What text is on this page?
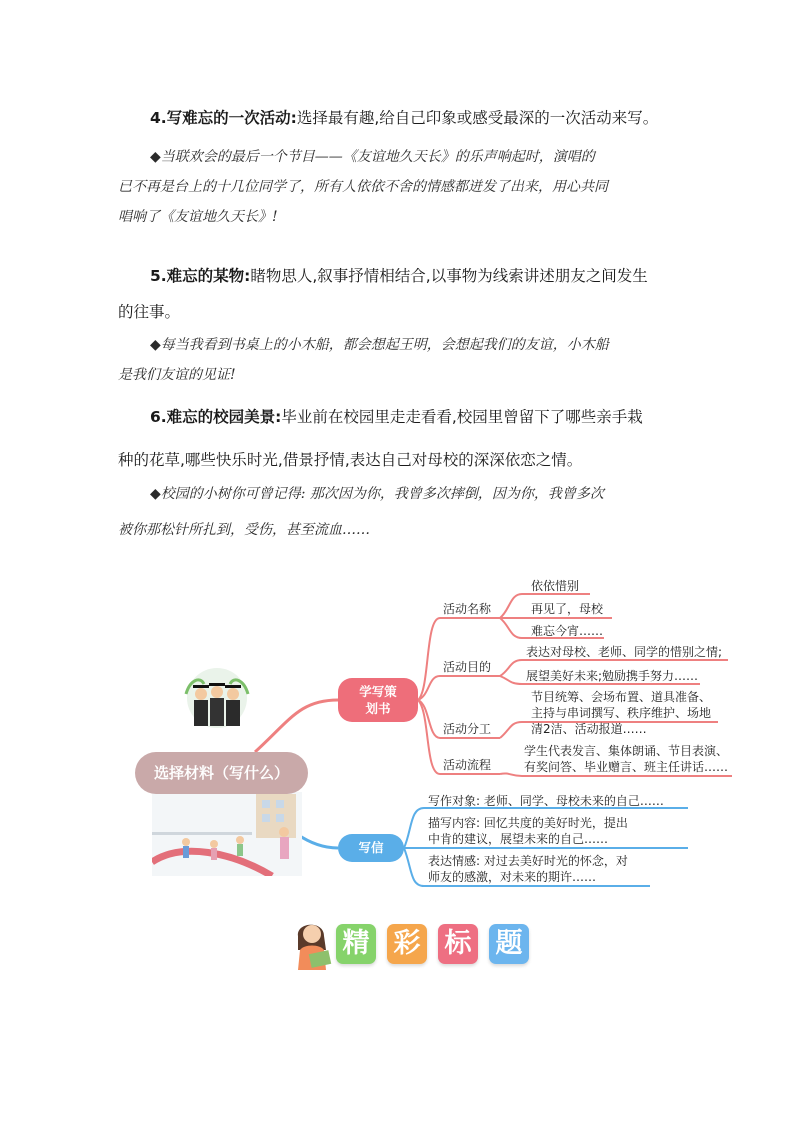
4.写难忘的一次活动:选择最有趣,给自己印象或感受最深的一次活动来写。
◆当联欢会的最后一个节目——《友谊地久天长》的乐声响起时，演唱的
已不再是台上的十几位同学了，所有人依依不舍的情感都迸发了出来，用心共同
唱响了《友谊地久天长》!
5.难忘的某物:睹物思人,叙事抒情相结合,以事物为线索讲述朋友之间发生
的往事。
◆每当我看到书桌上的小木船，都会想起王明，会想起我们的友谊，小木船
是我们友谊的见证!
6.难忘的校园美景:毕业前在校园里走走看看,校园里曾留下了哪些亲手栽
种的花草,哪些快乐时光,借景抒情,表达自己对母校的深深依恋之情。
◆校园的小树你可曾记得: 那次因为你，我曾多次摔倒，因为你，我曾多次
被你那松针所扎到，受伤，甚至流血……
选择材料（写什么）
学写策
划书
写信
活动名称
活动目的
活动分工
活动流程
依依惜别
再见了，母校
难忘今宵……
表达对母校、老师、同学的惜别之情;
展望美好未来;勉励携手努力……
节目统筹、会场布置、道具准备、
主持与串词撰写、秩序维护、场地
清2洁、活动报道……
学生代表发言、集体朗诵、节目表演、
有奖问答、毕业赠言、班主任讲话……
写作对象: 老师、同学、母校未来的自己……
描写内容: 回忆共度的美好时光，提出
中肯的建议，展望未来的自己……
表达情感: 对过去美好时光的怀念，对
师友的感激，对未来的期许……
精 彩 标 题
